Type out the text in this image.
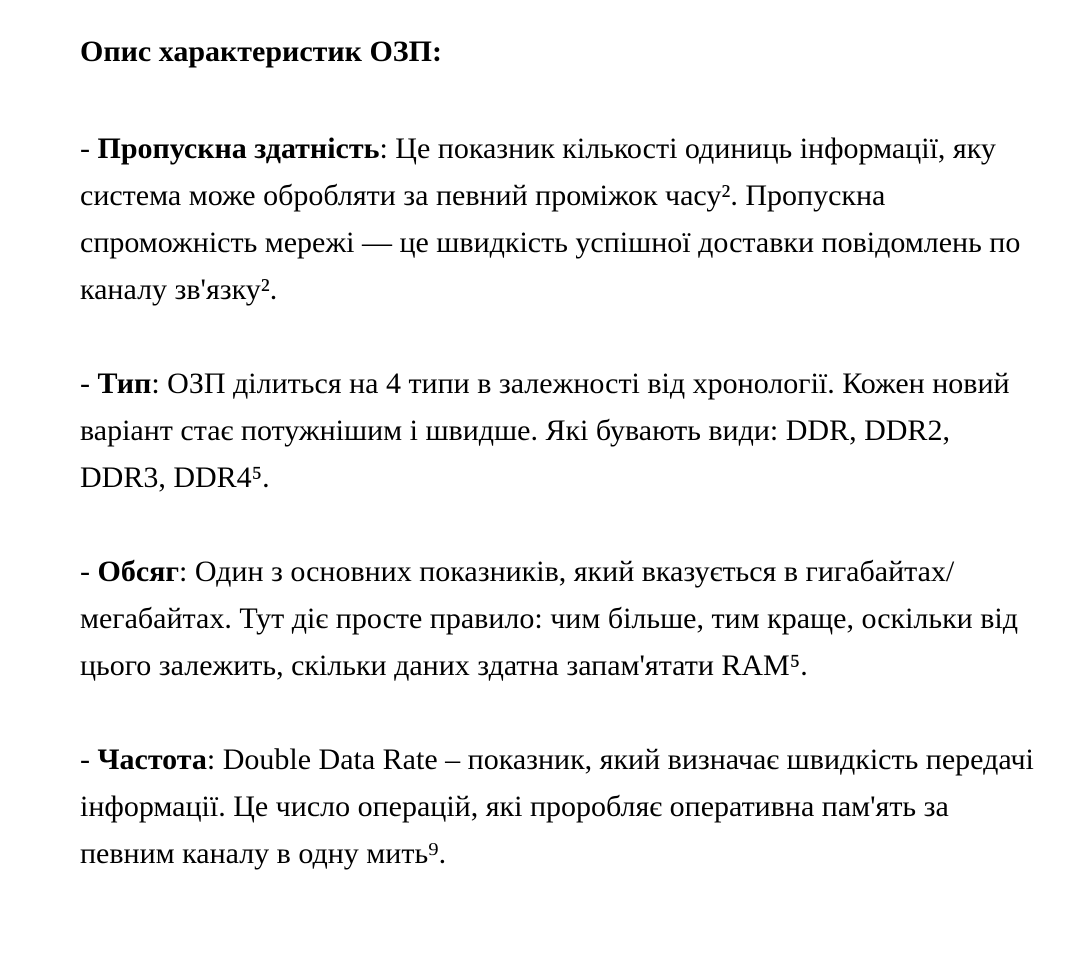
Опис характеристик ОЗП:

- Пропускна здатність: Це показник кількості одиниць інформації, яку система може обробляти за певний проміжок часу². Пропускна спроможність мережі — це швидкість успішної доставки повідомлень по каналу зв'язку².

- Тип: ОЗП ділиться на 4 типи в залежності від хронології. Кожен новий варіант стає потужнішим і швидше. Які бувають види: DDR, DDR2, DDR3, DDR4⁵.

- Обсяг: Один з основних показників, який вказується в гигабайтах/мегабайтах. Тут діє просте правило: чим більше, тим краще, оскільки від цього залежить, скільки даних здатна запам'ятати RAM⁵.

- Частота: Double Data Rate – показник, який визначає швидкість передачі інформації. Це число операцій, які проробляє оперативна пам'ять за певним каналу в одну мить⁹.
